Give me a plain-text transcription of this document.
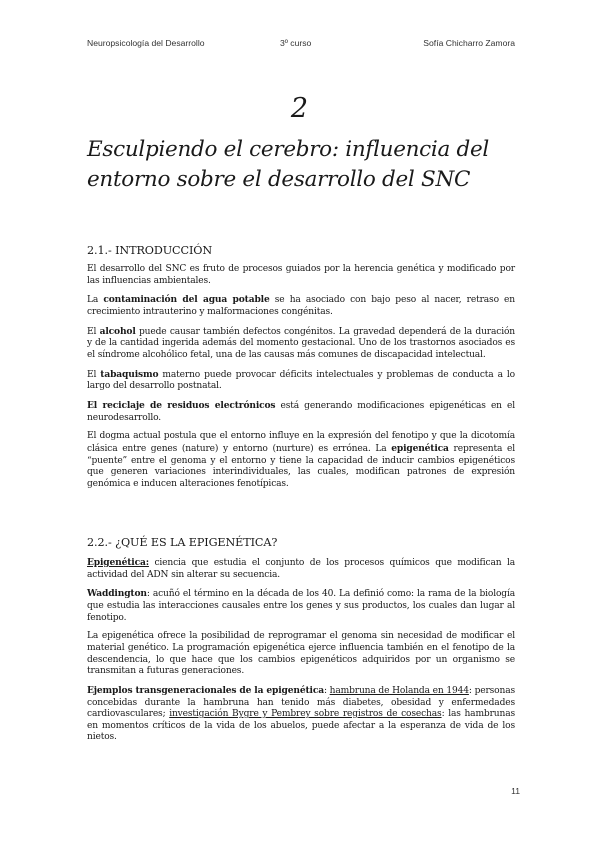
Neuropsicología del Desarrollo	3º curso	Sofía Chicharro Zamora
2
Esculpiendo el cerebro: influencia del entorno sobre el desarrollo del SNC
2.1.- INTRODUCCIÓN

El desarrollo del SNC es fruto de procesos guiados por la herencia genética y modificado por las influencias ambientales.

La contaminación del agua potable se ha asociado con bajo peso al nacer, retraso en crecimiento intrauterino y malformaciones congénitas.

El alcohol puede causar también defectos congénitos. La gravedad dependerá de la duración y de la cantidad ingerida además del momento gestacional. Uno de los trastornos asociados es el síndrome alcohólico fetal, una de las causas más comunes de discapacidad intelectual.

El tabaquismo materno puede provocar déficits intelectuales y problemas de conducta a lo largo del desarrollo postnatal.

El reciclaje de residuos electrónicos está generando modificaciones epigenéticas en el neurodesarrollo.

El dogma actual postula que el entorno influye en la expresión del fenotipo y que la dicotomía clásica entre genes (nature) y entorno (nurture) es errónea. La epigenética representa el “puente” entre el genoma y el entorno y tiene la capacidad de inducir cambios epigenéticos que generen variaciones interindividuales, las cuales, modifican patrones de expresión genómica e inducen alteraciones fenotípicas.

2.2.- ¿QUÉ ES LA EPIGENÉTICA?

Epigenética: ciencia que estudia el conjunto de los procesos químicos que modifican la actividad del ADN sin alterar su secuencia.

Waddington: acuñó el término en la década de los 40. La definió como: la rama de la biología que estudia las interacciones causales entre los genes y sus productos, los cuales dan lugar al fenotipo.

La epigenética ofrece la posibilidad de reprogramar el genoma sin necesidad de modificar el material genético. La programación epigenética ejerce influencia también en el fenotipo de la descendencia, lo que hace que los cambios epigenéticos adquiridos por un organismo se transmitan a futuras generaciones.

Ejemplos transgeneracionales de la epigenética: hambruna de Holanda en 1944: personas concebidas durante la hambruna han tenido más diabetes, obesidad y enfermedades cardiovasculares; investigación Bygre y Pembrey sobre registros de cosechas: las hambrunas en momentos críticos de la vida de los abuelos, puede afectar a la esperanza de vida de los nietos.

11
